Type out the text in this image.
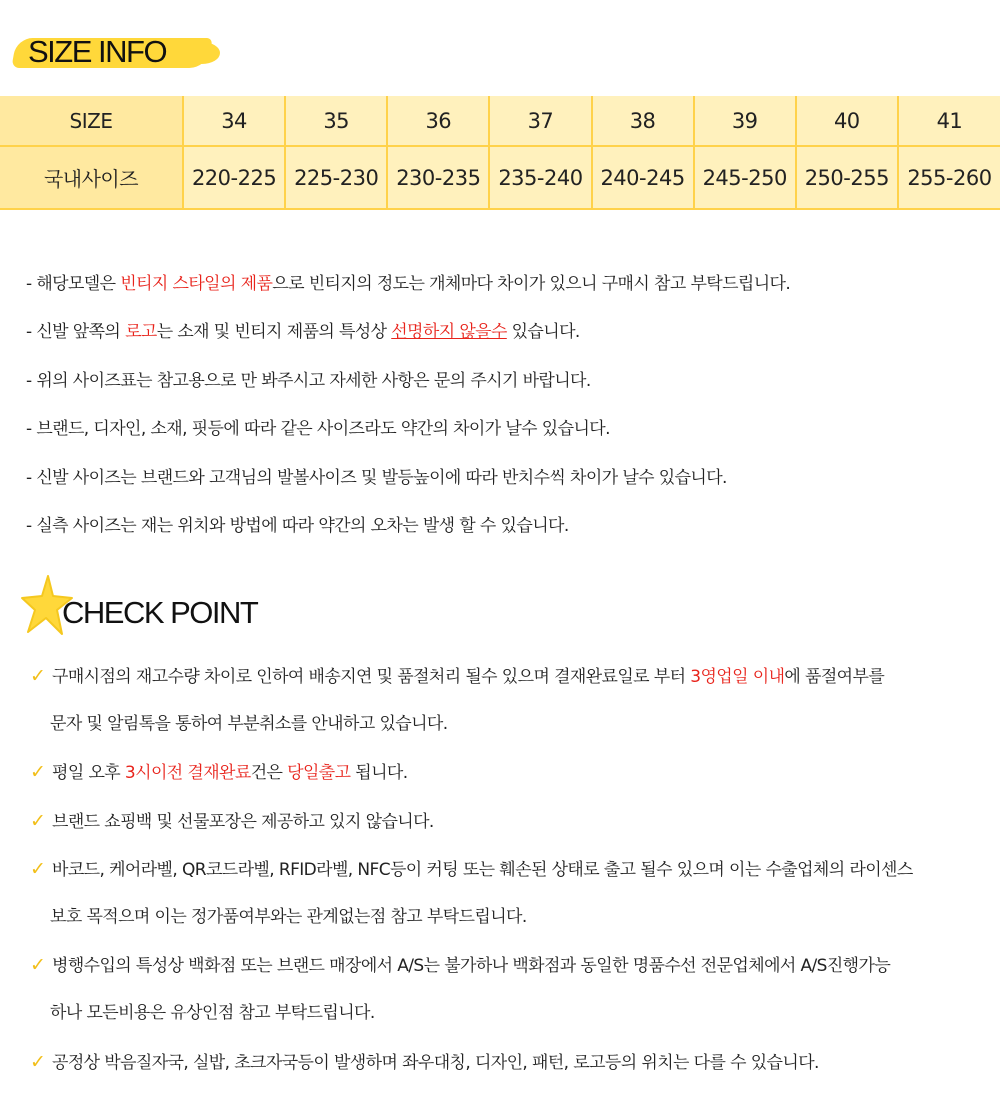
SIZE INFO
SIZE	34	35	36	37	38	39	40	41
국내사이즈	220-225	225-230	230-235	235-240	240-245	245-250	250-255	255-260
- 해당모델은 빈티지 스타일의 제품으로 빈티지의 정도는 개체마다 차이가 있으니 구매시 참고 부탁드립니다.
- 신발 앞쪽의 로고는 소재 및 빈티지 제품의 특성상 선명하지 않을수 있습니다.
- 위의 사이즈표는 참고용으로 만 봐주시고 자세한 사항은 문의 주시기 바랍니다.
- 브랜드, 디자인, 소재, 핏등에 따라 같은 사이즈라도 약간의 차이가 날수 있습니다.
- 신발 사이즈는 브랜드와 고객님의 발볼사이즈 및 발등높이에 따라 반치수씩 차이가 날수 있습니다.
- 실측 사이즈는 재는 위치와 방법에 따라 약간의 오차는 발생 할 수 있습니다.
CHECK POINT
✓ 구매시점의 재고수량 차이로 인하여 배송지연 및 품절처리 될수 있으며 결재완료일로 부터 3영업일 이내에 품절여부를
문자 및 알림톡을 통하여 부분취소를 안내하고 있습니다.
✓ 평일 오후 3시이전 결재완료건은 당일출고 됩니다.
✓ 브랜드 쇼핑백 및 선물포장은 제공하고 있지 않습니다.
✓ 바코드, 케어라벨, QR코드라벨, RFID라벨, NFC등이 커팅 또는 훼손된 상태로 출고 될수 있으며 이는 수출업체의 라이센스
보호 목적으며 이는 정가품여부와는 관계없는점 참고 부탁드립니다.
✓ 병행수입의 특성상 백화점 또는 브랜드 매장에서 A/S는 불가하나 백화점과 동일한 명품수선 전문업체에서 A/S진행가능
하나 모든비용은 유상인점 참고 부탁드립니다.
✓ 공정상 박음질자국, 실밥, 초크자국등이 발생하며 좌우대칭, 디자인, 패턴, 로고등의 위치는 다를 수 있습니다.
